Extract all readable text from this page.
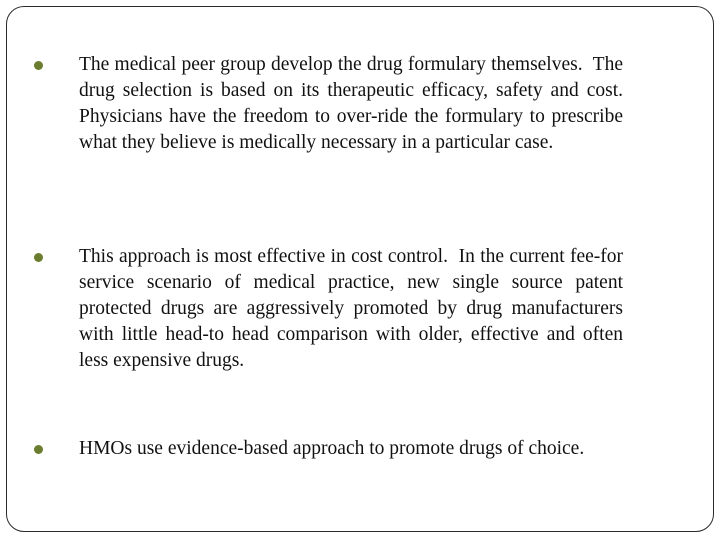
The medical peer group develop the drug formulary themselves.  The drug selection is based on its therapeutic efficacy, safety and cost.  Physicians have the freedom to over-ride the formulary to prescribe what they believe is medically necessary in a particular case.

This approach is most effective in cost control.  In the current fee-for service scenario of medical practice, new single source patent protected drugs are aggressively promoted by drug manufacturers with little head-to head comparison with older, effective and often less expensive drugs.

HMOs use evidence-based approach to promote drugs of choice.
